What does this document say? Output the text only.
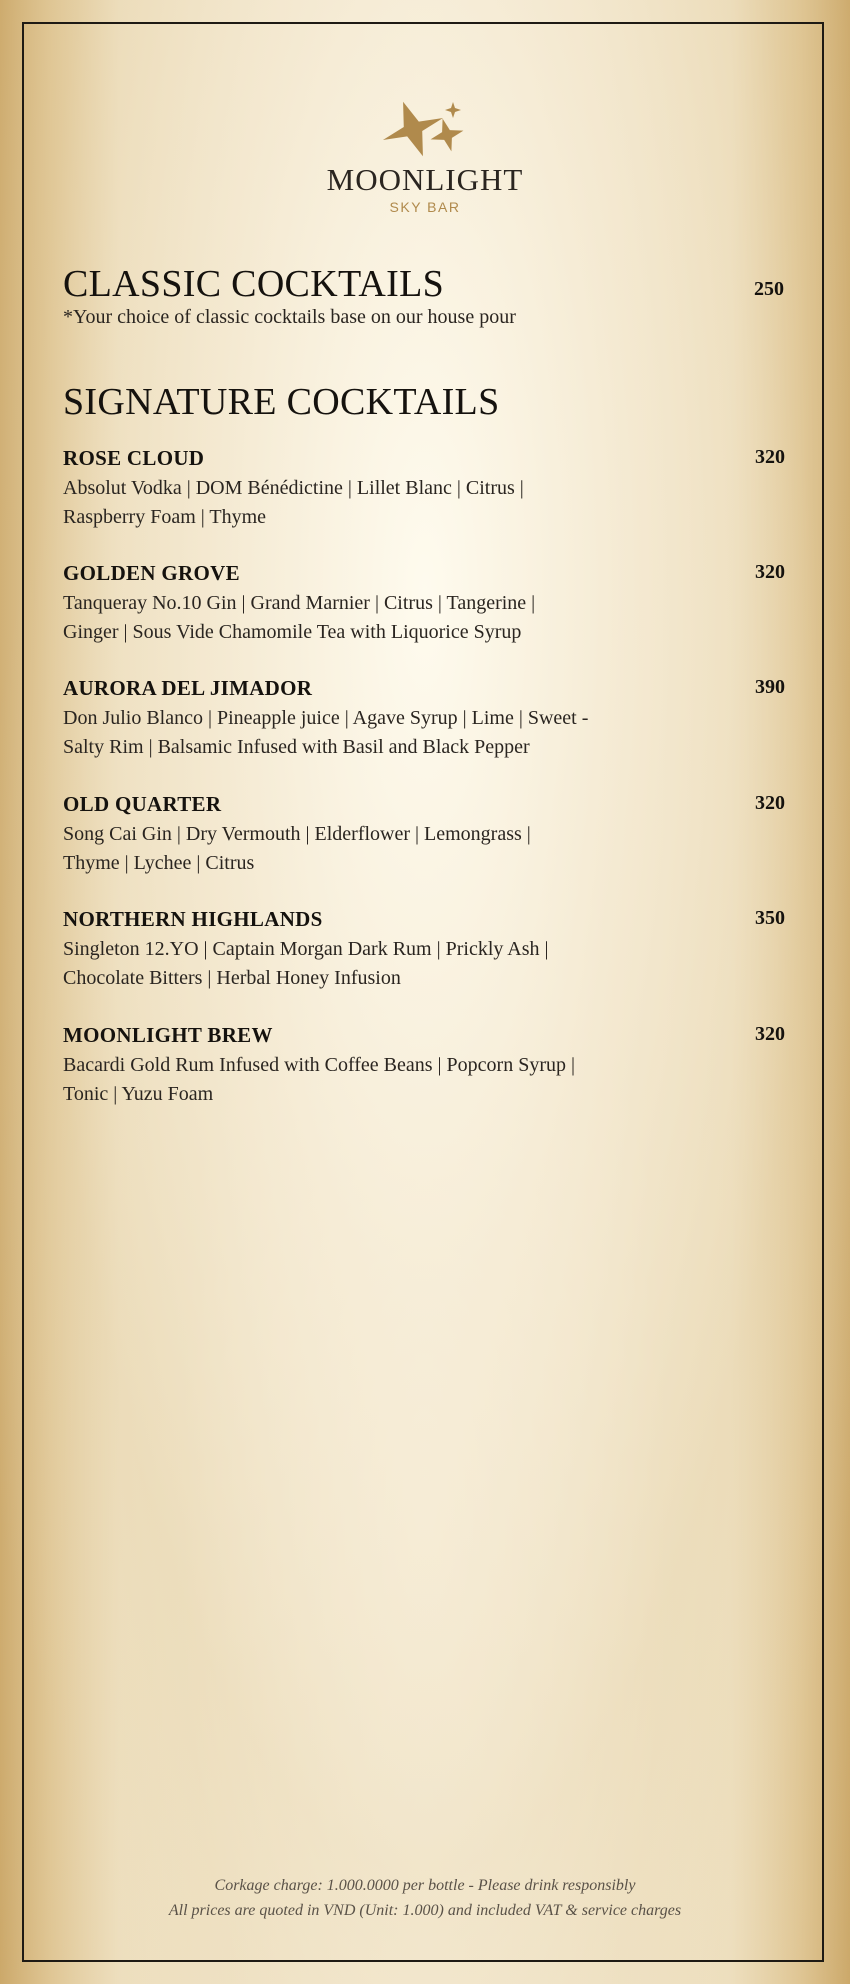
MOONLIGHT
SKY BAR
CLASSIC COCKTAILS	250
*Your choice of classic cocktails base on our house pour
SIGNATURE COCKTAILS
ROSE CLOUD	320
Absolut Vodka | DOM Bénédictine | Lillet Blanc | Citrus |
Raspberry Foam | Thyme
GOLDEN GROVE	320
Tanqueray No.10 Gin | Grand Marnier | Citrus | Tangerine |
Ginger | Sous Vide Chamomile Tea with Liquorice Syrup
AURORA DEL JIMADOR	390
Don Julio Blanco | Pineapple juice | Agave Syrup | Lime | Sweet -
Salty Rim | Balsamic Infused with Basil and Black Pepper
OLD QUARTER	320
Song Cai Gin | Dry Vermouth | Elderflower | Lemongrass |
Thyme | Lychee | Citrus
NORTHERN HIGHLANDS	350
Singleton 12.YO | Captain Morgan Dark Rum | Prickly Ash |
Chocolate Bitters | Herbal Honey Infusion
MOONLIGHT BREW	320
Bacardi Gold Rum Infused with Coffee Beans | Popcorn Syrup |
Tonic | Yuzu Foam
Corkage charge: 1.000.0000 per bottle - Please drink responsibly
All prices are quoted in VND (Unit: 1.000) and included VAT & service charges
